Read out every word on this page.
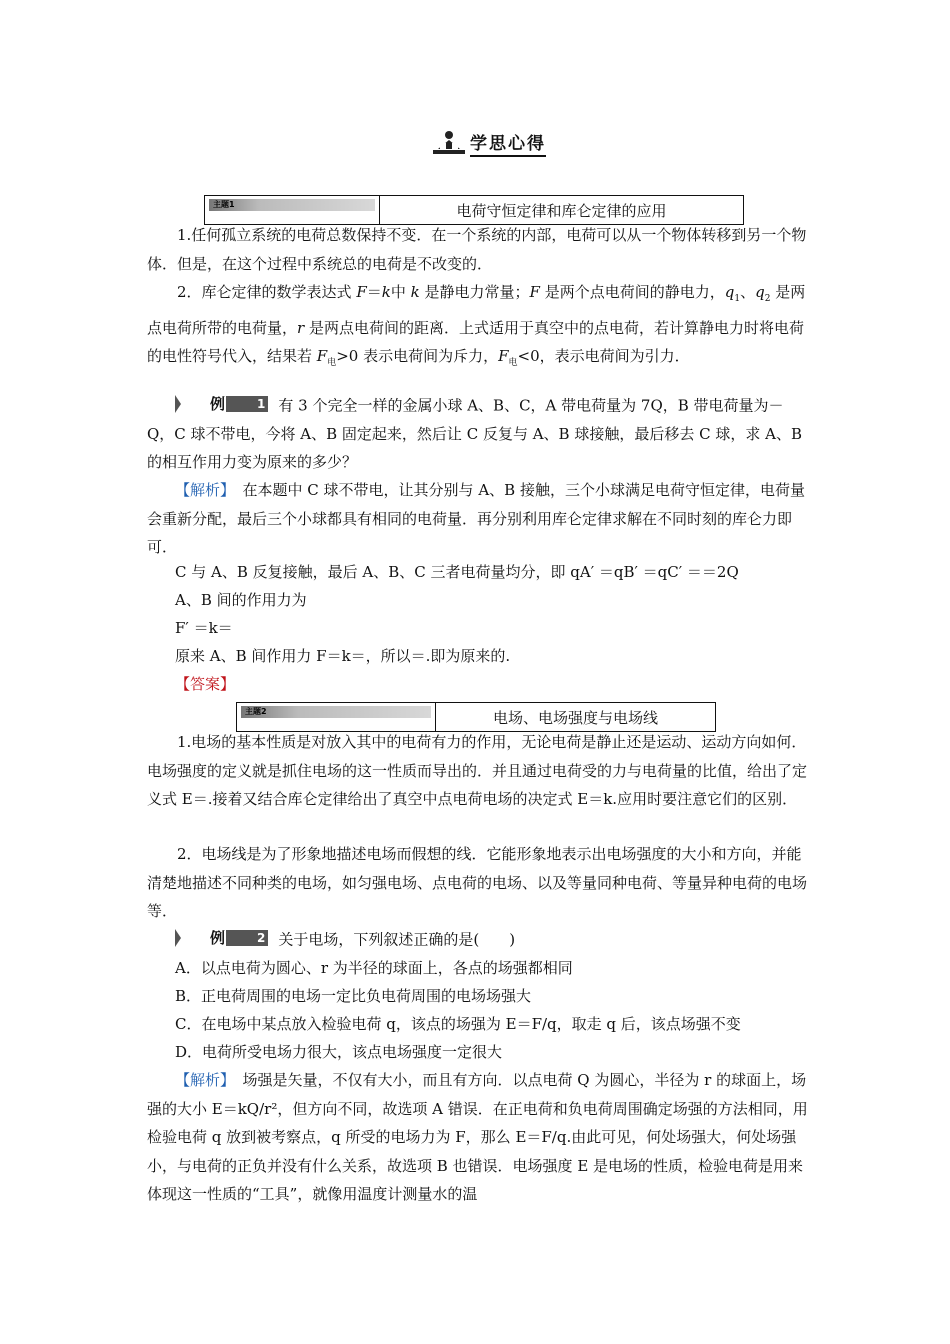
学思心得
主题1	电荷守恒定律和库仑定律的应用
1.任何孤立系统的电荷总数保持不变．在一个系统的内部，电荷可以从一个物体转移到另一个物体．但是，在这个过程中系统总的电荷是不改变的．
2．库仑定律的数学表达式 F＝k中 k 是静电力常量；F 是两个点电荷间的静电力，$q_1$、$q_2$ 是两点电荷所带的电荷量，r 是两点电荷间的距离．上式适用于真空中的点电荷，若计算静电力时将电荷的电性符号代入，结果若 $F_电>0$ 表示电荷间为斥力，$F_电<0$，表示电荷间为引力．
例	1 有 3 个完全一样的金属小球 A、B、C，A 带电荷量为 7Q，B 带电荷量为－Q，C 球不带电，今将 A、B 固定起来，然后让 C 反复与 A、B 球接触，最后移去 C 球，求 A、B 的相互作用力变为原来的多少？
【解析】　 在本题中 C 球不带电，让其分别与 A、B 接触，三个小球满足电荷守恒定律，电荷量会重新分配，最后三个小球都具有相同的电荷量．再分别利用库仑定律求解在不同时刻的库仑力即可．
C 与 A、B 反复接触，最后 A、B、C 三者电荷量均分，即 qA′ ＝qB′ ＝qC′ ＝＝2Q
A、B 间的作用力为
F′ ＝k＝
原来 A、B 间作用力 F＝k＝，所以＝.即为原来的.
【答案】
主题2	电场、电场强度与电场线
1.电场的基本性质是对放入其中的电荷有力的作用，无论电荷是静止还是运动、运动方向如何．电场强度的定义就是抓住电场的这一性质而导出的．并且通过电荷受的力与电荷量的比值，给出了定义式 E＝.接着又结合库仑定律给出了真空中点电荷电场的决定式 E＝k.应用时要注意它们的区别．
2．电场线是为了形象地描述电场而假想的线．它能形象地表示出电场强度的大小和方向，并能清楚地描述不同种类的电场，如匀强电场、点电荷的电场、以及等量同种电荷、等量异种电荷的电场等．
例	2 关于电场，下列叙述正确的是(　　)
A．以点电荷为圆心、r 为半径的球面上，各点的场强都相同
B．正电荷周围的电场一定比负电荷周围的电场场强大
C．在电场中某点放入检验电荷 q，该点的场强为 E＝F/q，取走 q 后，该点场强不变
D．电荷所受电场力很大，该点电场强度一定很大
【解析】　 场强是矢量，不仅有大小，而且有方向．以点电荷 Q 为圆心，半径为 r 的球面上，场强的大小 E＝kQ/r²，但方向不同，故选项 A 错误．在正电荷和负电荷周围确定场强的方法相同，用检验电荷 q 放到被考察点，q 所受的电场力为 F，那么 E＝F/q.由此可见，何处场强大，何处场强小，与电荷的正负并没有什么关系，故选项 B 也错误．电场强度 E 是电场的性质，检验电荷是用来体现这一性质的“工具”，就像用温度计测量水的温
